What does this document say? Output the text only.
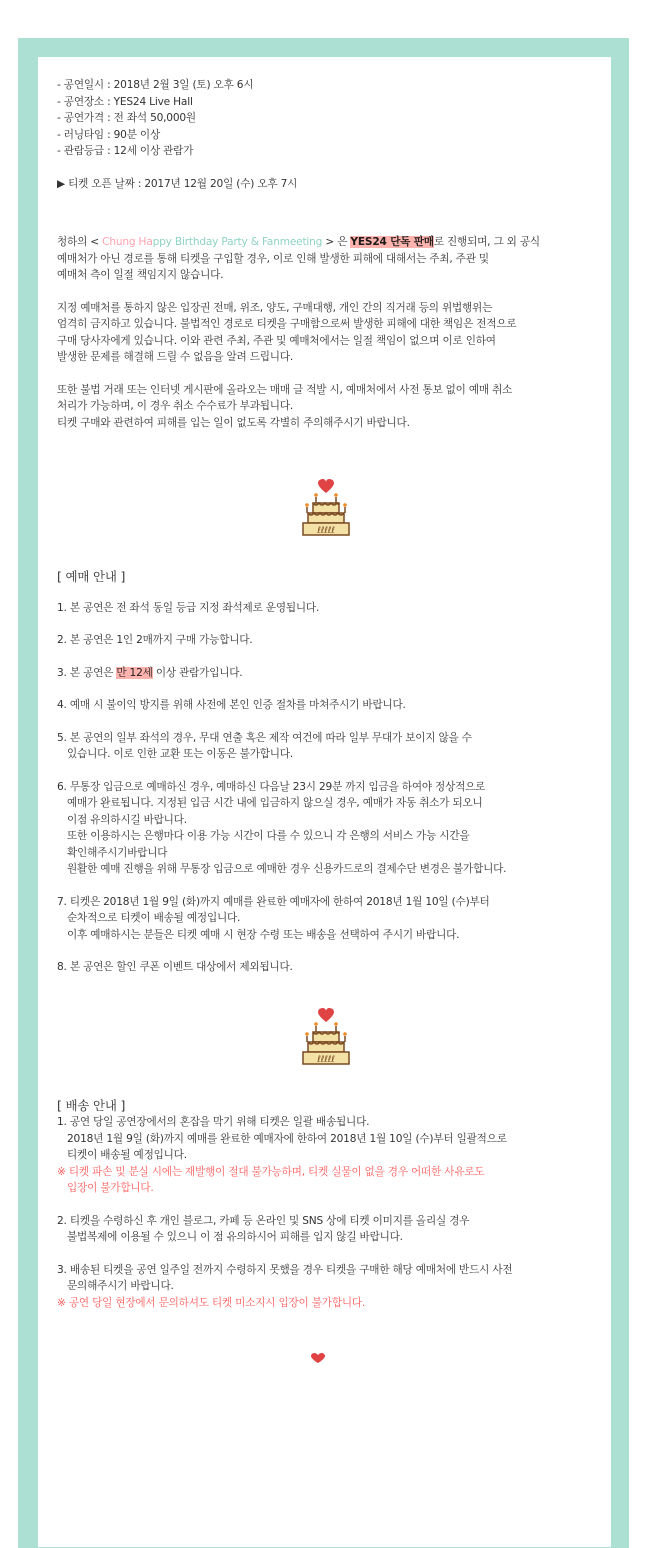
- 공연일시 : 2018년 2월 3일 (토) 오후 6시
- 공연장소 : YES24 Live Hall
- 공연가격 : 전 좌석 50,000원
- 러닝타임 : 90분 이상
- 관람등급 : 12세 이상 관람가
▶ 티켓 오픈 날짜 : 2017년 12월 20일 (수) 오후 7시
청하의 < Chung Happy Birthday Party & Fanmeeting > 은 YES24 단독 판매로 진행되며, 그 외 공식
예매처가 아닌 경로를 통해 티켓을 구입할 경우, 이로 인해 발생한 피해에 대해서는 주최, 주관 및
예매처 측이 일절 책임지지 않습니다.
지정 예매처를 통하지 않은 입장권 전매, 위조, 양도, 구매대행, 개인 간의 직거래 등의 위법행위는
엄격히 금지하고 있습니다. 불법적인 경로로 티켓을 구매함으로써 발생한 피해에 대한 책임은 전적으로
구매 당사자에게 있습니다. 이와 관련 주최, 주관 및 예매처에서는 일절 책임이 없으며 이로 인하여
발생한 문제를 해결해 드릴 수 없음을 알려 드립니다.
또한 불법 거래 또는 인터넷 게시판에 올라오는 매매 글 적발 시, 예매처에서 사전 통보 없이 예매 취소
처리가 가능하며, 이 경우 취소 수수료가 부과됩니다.
티켓 구매와 관련하여 피해를 입는 일이 없도록 각별히 주의해주시기 바랍니다.
ℓℓℓℓℓ
[ 예매 안내 ]
1. 본 공연은 전 좌석 동일 등급 지정 좌석제로 운영됩니다.
2. 본 공연은 1인 2매까지 구매 가능합니다.
3. 본 공연은 만 12세 이상 관람가입니다.
4. 예매 시 불이익 방지를 위해 사전에 본인 인증 절차를 마쳐주시기 바랍니다.
5. 본 공연의 일부 좌석의 경우, 무대 연출 혹은 제작 여건에 따라 일부 무대가 보이지 않을 수
있습니다. 이로 인한 교환 또는 이동은 불가합니다.
6. 무통장 입금으로 예매하신 경우, 예매하신 다음날 23시 29분 까지 입금을 하여야 정상적으로
예매가 완료됩니다. 지정된 입금 시간 내에 입금하지 않으실 경우, 예매가 자동 취소가 되오니
이점 유의하시길 바랍니다.
또한 이용하시는 은행마다 이용 가능 시간이 다를 수 있으니 각 은행의 서비스 가능 시간을
확인해주시기바랍니다
원활한 예매 진행을 위해 무통장 입금으로 예매한 경우 신용카드로의 결제수단 변경은 불가합니다.
7. 티켓은 2018년 1월 9일 (화)까지 예매를 완료한 예매자에 한하여 2018년 1월 10일 (수)부터
순차적으로 티켓이 배송될 예정입니다.
이후 예매하시는 분들은 티켓 예매 시 현장 수령 또는 배송을 선택하여 주시기 바랍니다.
8. 본 공연은 할인 쿠폰 이벤트 대상에서 제외됩니다.
ℓℓℓℓℓ
[ 배송 안내 ]
1. 공연 당일 공연장에서의 혼잡을 막기 위해 티켓은 일괄 배송됩니다.
2018년 1월 9일 (화)까지 예매를 완료한 예매자에 한하여 2018년 1월 10일 (수)부터 일괄적으로
티켓이 배송될 예정입니다.
※ 티켓 파손 및 분실 시에는 재발행이 절대 불가능하며, 티켓 실물이 없을 경우 어떠한 사유로도
입장이 불가합니다.
2. 티켓을 수령하신 후 개인 블로그, 카페 등 온라인 및 SNS 상에 티켓 이미지를 올리실 경우
불법복제에 이용될 수 있으니 이 점 유의하시어 피해를 입지 않길 바랍니다.
3. 배송된 티켓을 공연 일주일 전까지 수령하지 못했을 경우 티켓을 구매한 해당 예매처에 반드시 사전
문의해주시기 바랍니다.
※ 공연 당일 현장에서 문의하셔도 티켓 미소지시 입장이 불가합니다.
